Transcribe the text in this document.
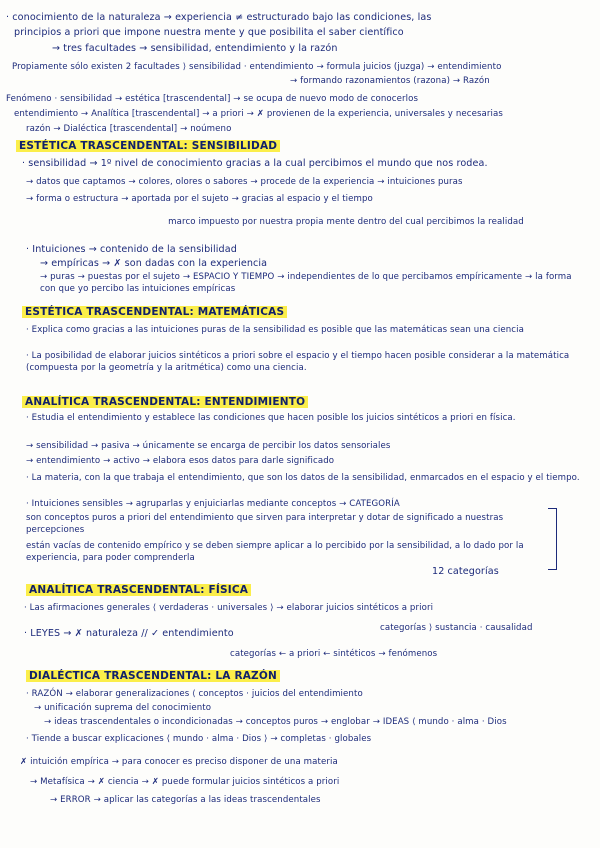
· conocimiento de la naturaleza → experiencia ≠ estructurado bajo las condiciones, las
principios a priori que impone nuestra mente y que posibilita el saber científico
→ tres facultades → sensibilidad, entendimiento y la razón
Propiamente sólo existen 2 facultades ⟩ sensibilidad · entendimiento → formula juicios (juzga) → entendimiento
→ formando razonamientos (razona) → Razón
Fenómeno · sensibilidad → estética [trascendental] → se ocupa de nuevo modo de conocerlos
entendimiento → Analítica [trascendental] → a priori → ✗ provienen de la experiencia, universales y necesarias
razón → Dialéctica [trascendental] → noúmeno
ESTÉTICA TRASCENDENTAL: SENSIBILIDAD
· sensibilidad → 1º nivel de conocimiento gracias a la cual percibimos el mundo que nos rodea.
→ datos que captamos → colores, olores o sabores → procede de la experiencia → intuiciones puras
→ forma o estructura → aportada por el sujeto → gracias al espacio y el tiempo
marco impuesto por nuestra propia mente dentro del cual percibimos la realidad
· Intuiciones → contenido de la sensibilidad
→ empíricas → ✗ son dadas con la experiencia
→ puras → puestas por el sujeto → ESPACIO Y TIEMPO → independientes de lo que percibamos empíricamente → la forma con que yo percibo las intuiciones empíricas
ESTÉTICA TRASCENDENTAL: MATEMÁTICAS
· Explica como gracias a las intuiciones puras de la sensibilidad es posible que las matemáticas sean una ciencia
· La posibilidad de elaborar juicios sintéticos a priori sobre el espacio y el tiempo hacen posible considerar a la matemática (compuesta por la geometría y la aritmética) como una ciencia.
ANALÍTICA TRASCENDENTAL: ENTENDIMIENTO
· Estudia el entendimiento y establece las condiciones que hacen posible los juicios sintéticos a priori en física.
→ sensibilidad → pasiva → únicamente se encarga de percibir los datos sensoriales
→ entendimiento → activo → elabora esos datos para darle significado
· La materia, con la que trabaja el entendimiento, que son los datos de la sensibilidad, enmarcados en el espacio y el tiempo.
· Intuiciones sensibles → agruparlas y enjuiciarlas mediante conceptos → CATEGORÍA
son conceptos puros a priori del entendimiento que sirven para interpretar y dotar de significado a nuestras percepciones
están vacías de contenido empírico y se deben siempre aplicar a lo percibido por la sensibilidad, a lo dado por la experiencia, para poder comprenderla
12 categorías
ANALÍTICA TRASCENDENTAL: FÍSICA
· Las afirmaciones generales ⟨ verdaderas · universales ⟩ → elaborar juicios sintéticos a priori
· LEYES → ✗ naturaleza // ✓ entendimiento	categorías ⟩ sustancia · causalidad
categorías ← a priori ← sintéticos → fenómenos
DIALÉCTICA TRASCENDENTAL: LA RAZÓN
· RAZÓN → elaborar generalizaciones ⟨ conceptos · juicios del entendimiento
→ unificación suprema del conocimiento
→ ideas trascendentales o incondicionadas → conceptos puros → englobar → IDEAS ⟨ mundo · alma · Dios
· Tiende a buscar explicaciones ⟨ mundo · alma · Dios ⟩ → completas · globales
✗ intuición empírica → para conocer es preciso disponer de una materia
→ Metafísica → ✗ ciencia → ✗ puede formular juicios sintéticos a priori
→ ERROR → aplicar las categorías a las ideas trascendentales
